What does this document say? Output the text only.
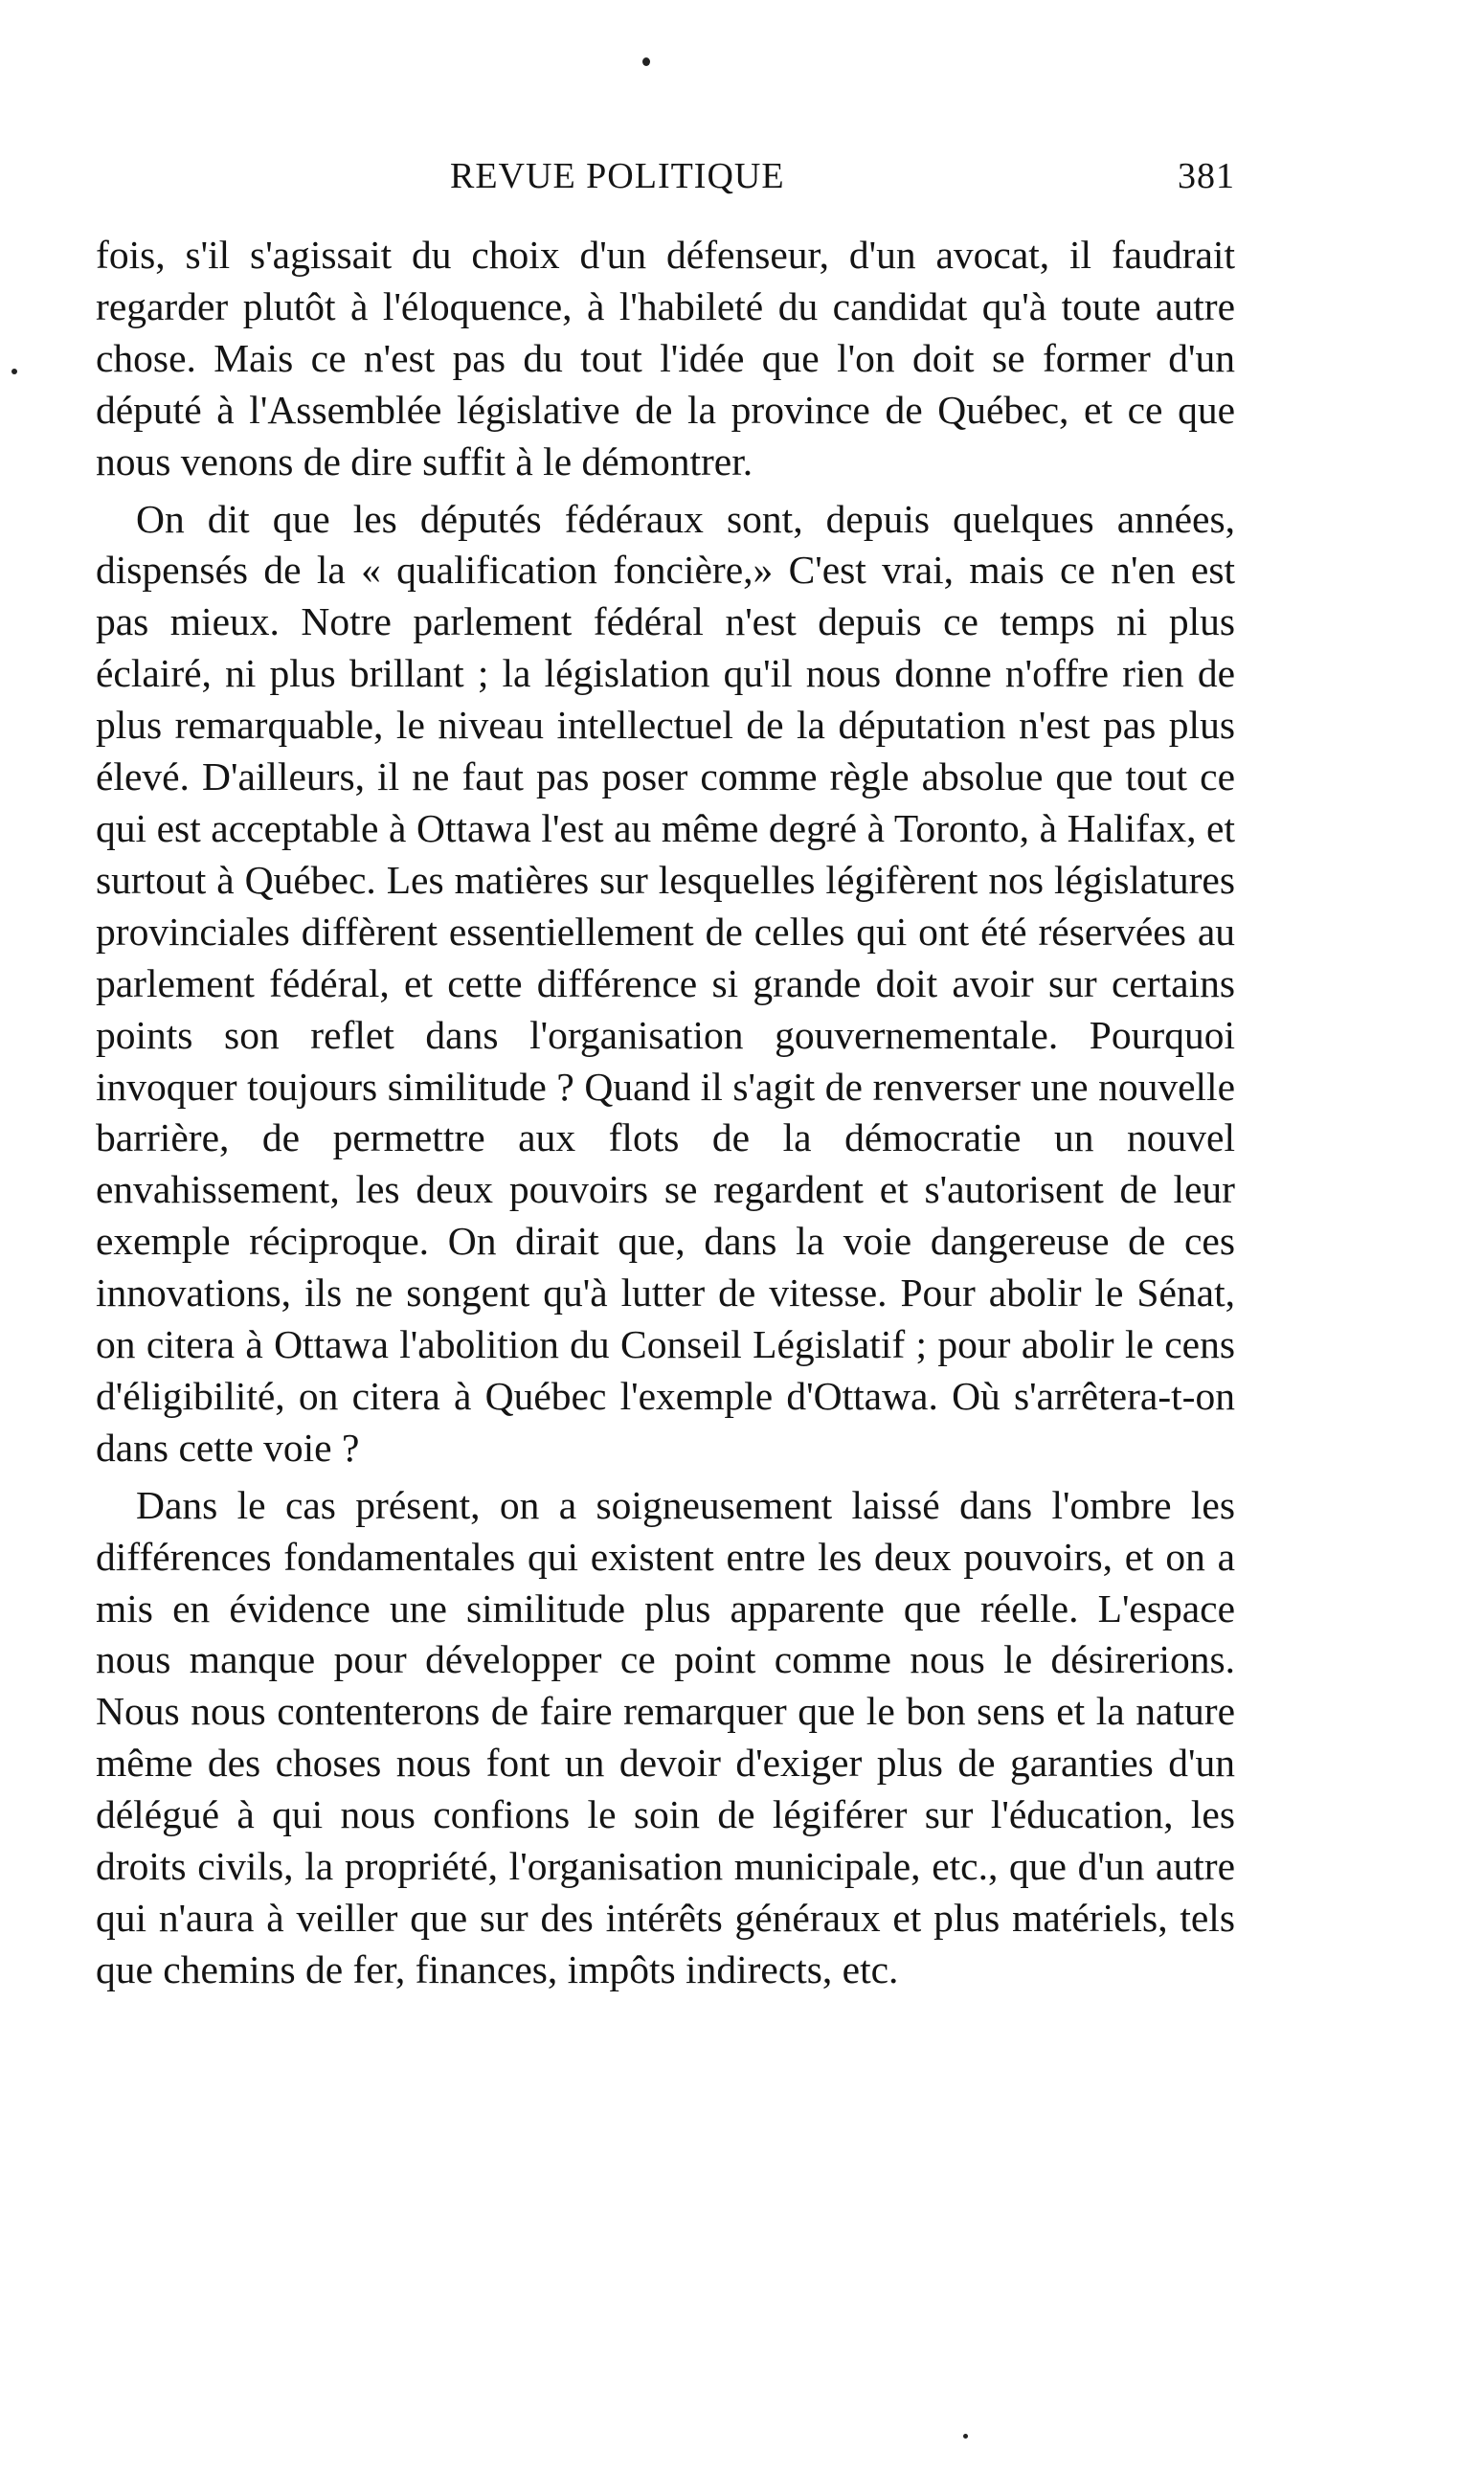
REVUE POLITIQUE	381

fois, s'il s'agissait du choix d'un défenseur, d'un avocat, il faudrait regarder plutôt à l'éloquence, à l'habileté du candidat qu'à toute autre chose. Mais ce n'est pas du tout l'idée que l'on doit se former d'un député à l'Assemblée législative de la province de Québec, et ce que nous venons de dire suffit à le démontrer.

On dit que les députés fédéraux sont, depuis quelques années, dispensés de la « qualification foncière,» C'est vrai, mais ce n'en est pas mieux. Notre parlement fédéral n'est depuis ce temps ni plus éclairé, ni plus brillant ; la législation qu'il nous donne n'offre rien de plus remarquable, le niveau intellectuel de la députation n'est pas plus élevé. D'ailleurs, il ne faut pas poser comme règle absolue que tout ce qui est acceptable à Ottawa l'est au même degré à Toronto, à Halifax, et surtout à Québec. Les matières sur lesquelles légifèrent nos législatures provinciales diffèrent essentiellement de celles qui ont été réservées au parlement fédéral, et cette différence si grande doit avoir sur certains points son reflet dans l'organisation gouvernementale. Pourquoi invoquer toujours similitude ? Quand il s'agit de renverser une nouvelle barrière, de permettre aux flots de la démocratie un nouvel envahissement, les deux pouvoirs se regardent et s'autorisent de leur exemple réciproque. On dirait que, dans la voie dangereuse de ces innovations, ils ne songent qu'à lutter de vitesse. Pour abolir le Sénat, on citera à Ottawa l'abolition du Conseil Législatif ; pour abolir le cens d'éligibilité, on citera à Québec l'exemple d'Ottawa. Où s'arrêtera-t-on dans cette voie ?

Dans le cas présent, on a soigneusement laissé dans l'ombre les différences fondamentales qui existent entre les deux pouvoirs, et on a mis en évidence une similitude plus apparente que réelle. L'espace nous manque pour développer ce point comme nous le désirerions. Nous nous contenterons de faire remarquer que le bon sens et la nature même des choses nous font un devoir d'exiger plus de garanties d'un délégué à qui nous confions le soin de légiférer sur l'éducation, les droits civils, la propriété, l'organisation municipale, etc., que d'un autre qui n'aura à veiller que sur des intérêts généraux et plus matériels, tels que chemins de fer, finances, impôts indirects, etc.
